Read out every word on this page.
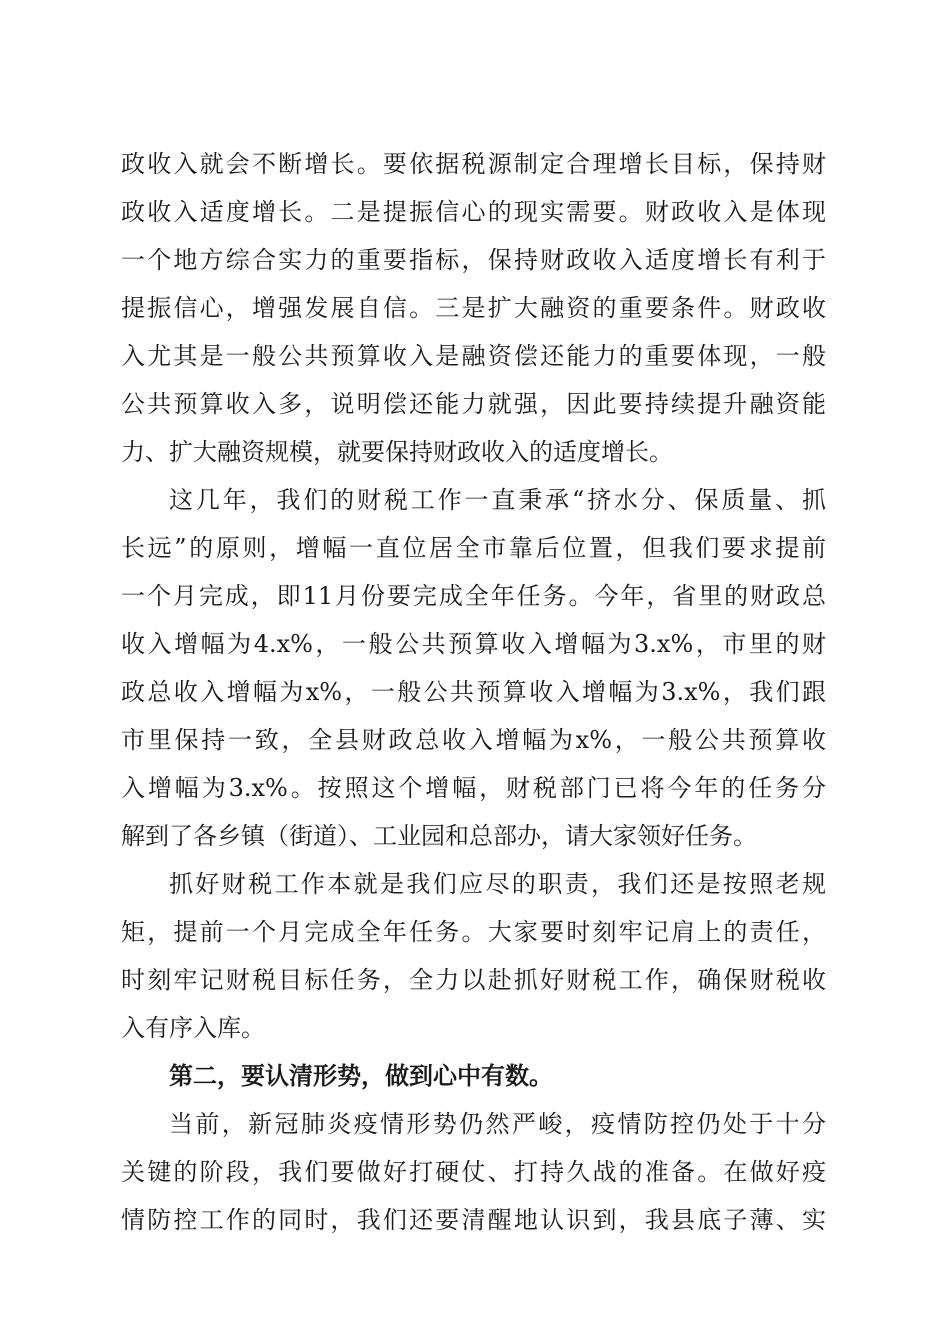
政收入就会不断增长。要依据税源制定合理增长目标，保持财
政收入适度增长。二是提振信心的现实需要。财政收入是体现
一个地方综合实力的重要指标，保持财政收入适度增长有利于
提振信心，增强发展自信。三是扩大融资的重要条件。财政收
入尤其是一般公共预算收入是融资偿还能力的重要体现，一般
公共预算收入多，说明偿还能力就强，因此要持续提升融资能
力、扩大融资规模，就要保持财政收入的适度增长。
这几年，我们的财税工作一直秉承“挤水分、保质量、抓
长远”的原则，增幅一直位居全市靠后位置，但我们要求提前
一个月完成，即11月份要完成全年任务。今年，省里的财政总
收入增幅为4.x%，一般公共预算收入增幅为3.x%，市里的财
政总收入增幅为x%，一般公共预算收入增幅为3.x%，我们跟
市里保持一致，全县财政总收入增幅为x%，一般公共预算收
入增幅为3.x%。按照这个增幅，财税部门已将今年的任务分
解到了各乡镇（街道）、工业园和总部办，请大家领好任务。
抓好财税工作本就是我们应尽的职责，我们还是按照老规
矩，提前一个月完成全年任务。大家要时刻牢记肩上的责任，
时刻牢记财税目标任务，全力以赴抓好财税工作，确保财税收
入有序入库。
第二，要认清形势，做到心中有数。
当前，新冠肺炎疫情形势仍然严峻，疫情防控仍处于十分
关键的阶段，我们要做好打硬仗、打持久战的准备。在做好疫
情防控工作的同时，我们还要清醒地认识到，我县底子薄、实
